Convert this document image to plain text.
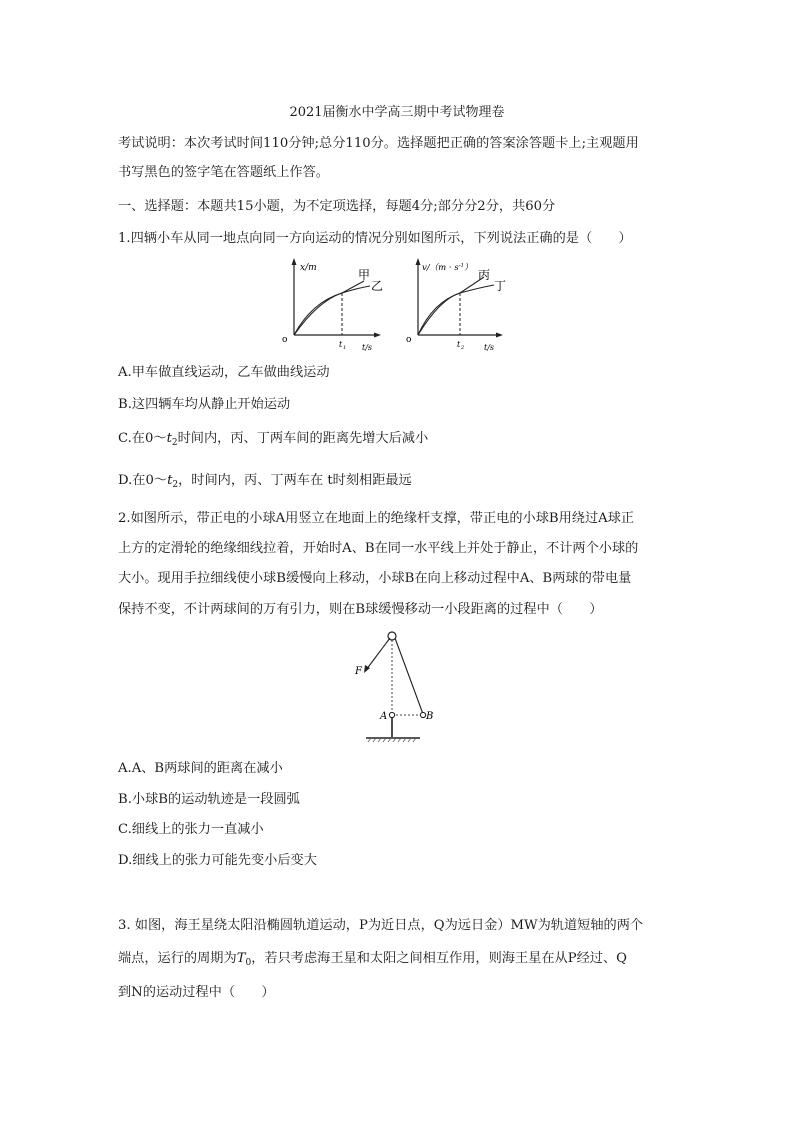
2021届衡水中学高三期中考试物理卷
考试说明：本次考试时间110分钟;总分110分。选择题把正确的答案涂答题卡上;主观题用
书写黑色的签字笔在答题纸上作答。
一、选择题：本题共15小题，为不定项选择，每题4分;部分分2分，共60分
1.四辆小车从同一地点向同一方向运动的情况分别如图所示，下列说法正确的是（　　）
x/m
o
t/s
t 1
甲
乙
$v/(m \cdot s^{-1})$
o
t/s
t 2
丙
丁
A.甲车做直线运动，乙车做曲线运动
B.这四辆车均从静止开始运动
C.在$0\sim t_2$时间内，丙、丁两车间的距离先增大后减小
D.在$0\sim t_2$，时间内，丙、丁两车在 t时刻相距最远
2.如图所示，带正电的小球A用竖立在地面上的绝缘杆支撑，带正电的小球B用绕过A球正
上方的定滑轮的绝缘细线拉着，开始时A、B在同一水平线上并处于静止，不计两个小球的
大小。现用手拉细线使小球B缓慢向上移动，小球B在向上移动过程中A、B两球的带电量
保持不变，不计两球间的万有引力，则在B球缓慢移动一小段距离的过程中（　　）
F
A	B
A.A、B两球间的距离在减小
B.小球B的运动轨迹是一段圆弧
C.细线上的张力一直减小
D.细线上的张力可能先变小后变大
3. 如图，海王星绕太阳沿椭圆轨道运动，P为近日点，Q为远日金）MW为轨道短轴的两个
端点，运行的周期为$T_0$，若只考虑海王星和太阳之间相互作用，则海王星在从P经过、Q
到N的运动过程中（　　）
